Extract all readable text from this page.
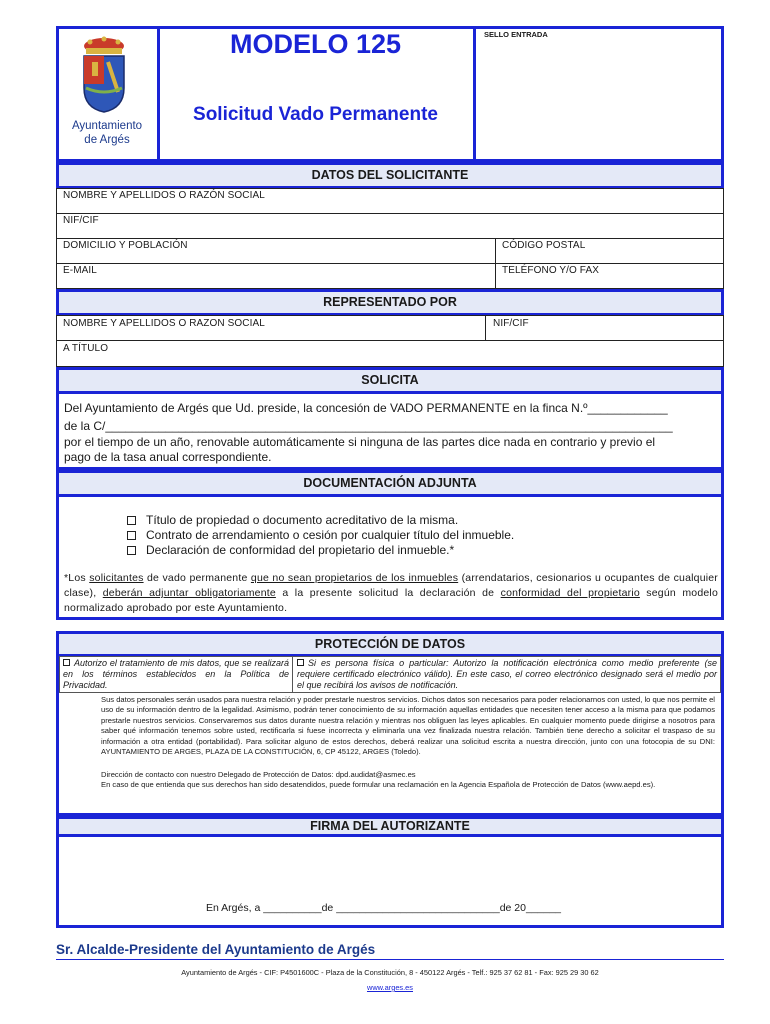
Ayuntamiento
de Argés
MODELO 125
Solicitud Vado Permanente
SELLO ENTRADA
DATOS DEL SOLICITANTE
NOMBRE Y APELLIDOS O RAZÓN SOCIAL
NIF/CIF
DOMICILIO Y POBLACIÓN	CÓDIGO POSTAL
E-MAIL	TELÉFONO Y/O FAX
REPRESENTADO POR
NOMBRE Y APELLIDOS O RAZON SOCIAL	NIF/CIF
A TÍTULO
SOLICITA
Del Ayuntamiento de Argés que Ud. preside, la concesión de VADO PERMANENTE en la finca N.º____________
de la C/_____________________________________________________________________________________
por el tiempo de un año, renovable automáticamente si ninguna de las partes dice nada en contrario y previo el
pago de la tasa anual correspondiente.
DOCUMENTACIÓN ADJUNTA
Título de propiedad o documento acreditativo de la misma.
Contrato de arrendamiento o cesión por cualquier título del inmueble.
Declaración de conformidad del propietario del inmueble.*
*Los solicitantes de vado permanente que no sean propietarios de los inmuebles (arrendatarios, cesionarios u ocupantes de cualquier clase), deberán adjuntar obligatoriamente a la presente solicitud la declaración de conformidad del propietario según modelo normalizado aprobado por este Ayuntamiento.
PROTECCIÓN DE DATOS
Autorizo el tratamiento de mis datos, que se realizará en los términos establecidos en la Política de Privacidad.
Si es persona física o particular: Autorizo la notificación electrónica como medio preferente (se requiere certificado electrónico válido). En este caso, el correo electrónico designado será el medio por el que recibirá los avisos de notificación.
Sus datos personales serán usados para nuestra relación y poder prestarle nuestros servicios. Dichos datos son necesarios para poder relacionarnos con usted, lo que nos permite el uso de su información dentro de la legalidad. Asimismo, podrán tener conocimiento de su información aquellas entidades que necesiten tener acceso a la misma para que podamos prestarle nuestros servicios. Conservaremos sus datos durante nuestra relación y mientras nos obliguen las leyes aplicables. En cualquier momento puede dirigirse a nosotros para saber qué información tenemos sobre usted, rectificarla si fuese incorrecta y eliminarla una vez finalizada nuestra relación. También tiene derecho a solicitar el traspaso de su información a otra entidad (portabilidad). Para solicitar alguno de estos derechos, deberá realizar una solicitud escrita a nuestra dirección, junto con una fotocopia de su DNI: AYUNTAMIENTO DE ARGES, PLAZA DE LA CONSTITUCIÓN, 6, CP 45122, ARGES (Toledo).
Dirección de contacto con nuestro Delegado de Protección de Datos: dpd.audidat@asmec.es
En caso de que entienda que sus derechos han sido desatendidos, puede formular una reclamación en la Agencia Española de Protección de Datos (www.aepd.es).
FIRMA DEL AUTORIZANTE
En Argés, a __________de ____________________________de 20______
Sr. Alcalde-Presidente del Ayuntamiento de Argés
Ayuntamiento de Argés - CIF: P4501600C - Plaza de la Constitución, 8 - 450122 Argés - Telf.: 925 37 62 81 - Fax: 925 29 30 62
www.arges.es
